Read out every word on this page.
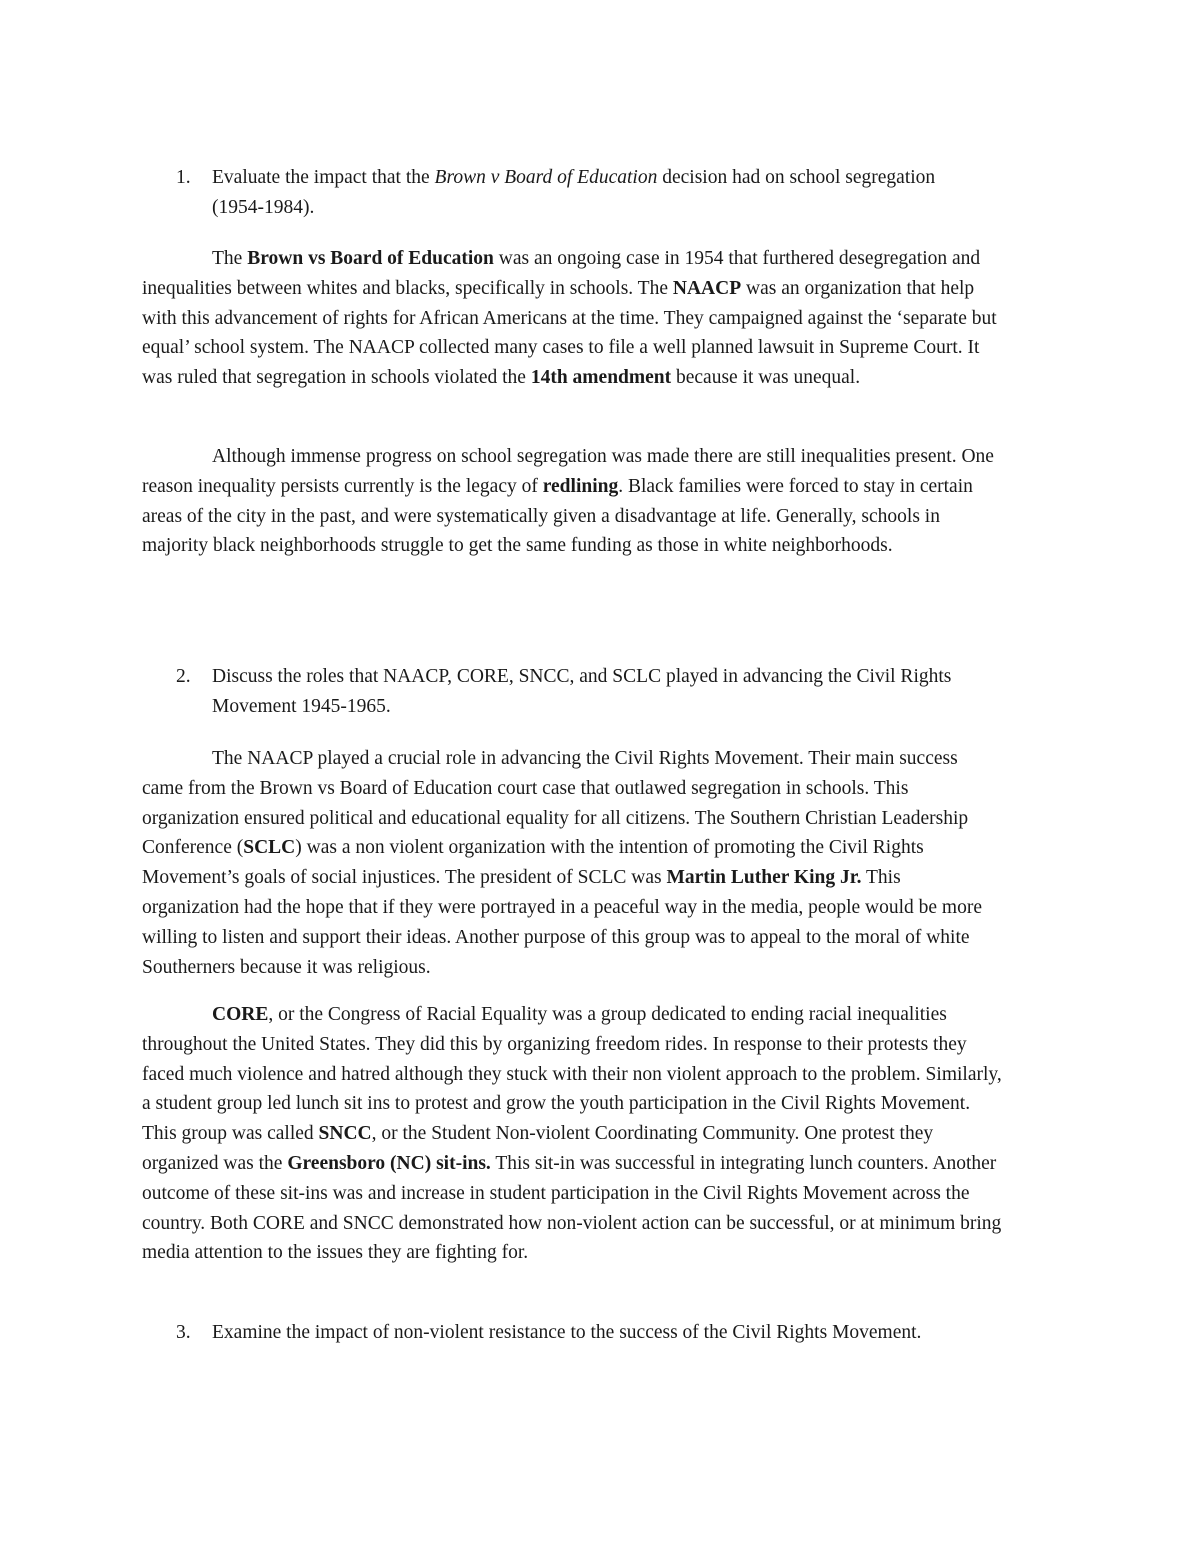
1. Evaluate the impact that the Brown v Board of Education decision had on school segregation (1954-1984).

The Brown vs Board of Education was an ongoing case in 1954 that furthered desegregation and inequalities between whites and blacks, specifically in schools. The NAACP was an organization that help with this advancement of rights for African Americans at the time. They campaigned against the ‘separate but equal’ school system. The NAACP collected many cases to file a well planned lawsuit in Supreme Court. It was ruled that segregation in schools violated the 14th amendment because it was unequal.

Although immense progress on school segregation was made there are still inequalities present. One reason inequality persists currently is the legacy of redlining. Black families were forced to stay in certain areas of the city in the past, and were systematically given a disadvantage at life. Generally, schools in majority black neighborhoods struggle to get the same funding as those in white neighborhoods.

2. Discuss the roles that NAACP, CORE, SNCC, and SCLC played in advancing the Civil Rights Movement 1945-1965.

The NAACP played a crucial role in advancing the Civil Rights Movement. Their main success came from the Brown vs Board of Education court case that outlawed segregation in schools. This organization ensured political and educational equality for all citizens. The Southern Christian Leadership Conference (SCLC) was a non violent organization with the intention of promoting the Civil Rights Movement’s goals of social injustices. The president of SCLC was Martin Luther King Jr. This organization had the hope that if they were portrayed in a peaceful way in the media, people would be more willing to listen and support their ideas. Another purpose of this group was to appeal to the moral of white Southerners because it was religious.

CORE, or the Congress of Racial Equality was a group dedicated to ending racial inequalities throughout the United States. They did this by organizing freedom rides. In response to their protests they faced much violence and hatred although they stuck with their non violent approach to the problem. Similarly, a student group led lunch sit ins to protest and grow the youth participation in the Civil Rights Movement. This group was called SNCC, or the Student Non-violent Coordinating Community. One protest they organized was the Greensboro (NC) sit-ins. This sit-in was successful in integrating lunch counters. Another outcome of these sit-ins was and increase in student participation in the Civil Rights Movement across the country. Both CORE and SNCC demonstrated how non-violent action can be successful, or at minimum bring media attention to the issues they are fighting for.

3. Examine the impact of non-violent resistance to the success of the Civil Rights Movement.
